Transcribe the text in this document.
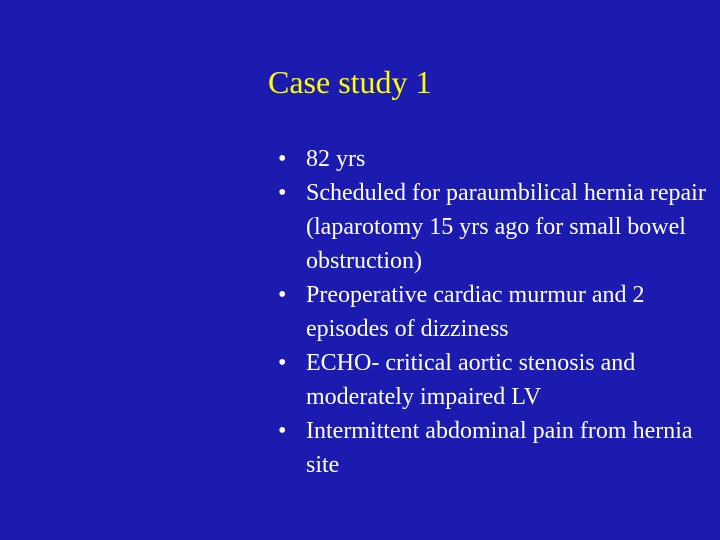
Case study 1
• 82 yrs
• Scheduled for paraumbilical hernia repair (laparotomy 15 yrs ago for small bowel obstruction)
• Preoperative cardiac murmur and 2 episodes of dizziness
• ECHO- critical aortic stenosis and moderately impaired LV
• Intermittent abdominal pain from hernia site
